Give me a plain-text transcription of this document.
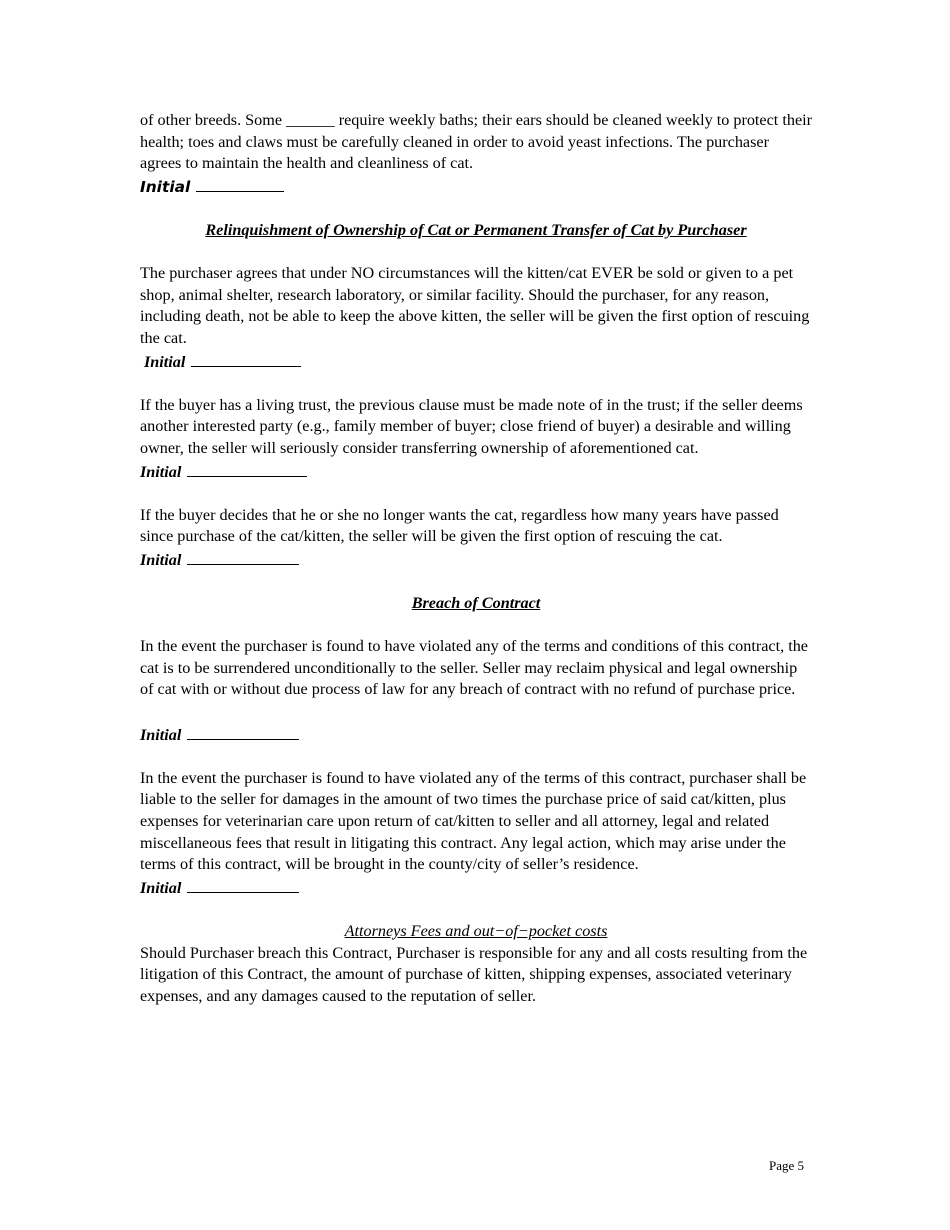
of other breeds. Some ______ require weekly baths; their ears should be cleaned weekly to protect their health; toes and claws must be carefully cleaned in order to avoid yeast infections. The purchaser agrees to maintain the health and cleanliness of cat.

Initial

Relinquishment of Ownership of Cat or Permanent Transfer of Cat by Purchaser

The purchaser agrees that under NO circumstances will the kitten/cat EVER be sold or given to a pet shop, animal shelter, research laboratory, or similar facility. Should the purchaser, for any reason, including death, not be able to keep the above kitten, the seller will be given the first option of rescuing the cat.

Initial

If the buyer has a living trust, the previous clause must be made note of in the trust; if the seller deems another interested party (e.g., family member of buyer; close friend of buyer) a desirable and willing owner, the seller will seriously consider transferring ownership of aforementioned cat.

Initial

If the buyer decides that he or she no longer wants the cat, regardless how many years have passed since purchase of the cat/kitten, the seller will be given the first option of rescuing the cat.

Initial

Breach of Contract

In the event the purchaser is found to have violated any of the terms and conditions of this contract, the cat is to be surrendered unconditionally to the seller. Seller may reclaim physical and legal ownership of cat with or without due process of law for any breach of contract with no refund of purchase price.

Initial

In the event the purchaser is found to have violated any of the terms of this contract, purchaser shall be liable to the seller for damages in the amount of two times the purchase price of said cat/kitten, plus expenses for veterinarian care upon return of cat/kitten to seller and all attorney, legal and related miscellaneous fees that result in litigating this contract. Any legal action, which may arise under the terms of this contract, will be brought in the county/city of seller’s residence.

Initial

Attorneys Fees and out−of−pocket costs

Should Purchaser breach this Contract, Purchaser is responsible for any and all costs resulting from the litigation of this Contract, the amount of purchase of kitten, shipping expenses, associated veterinary expenses, and any damages caused to the reputation of seller.

Page 5
